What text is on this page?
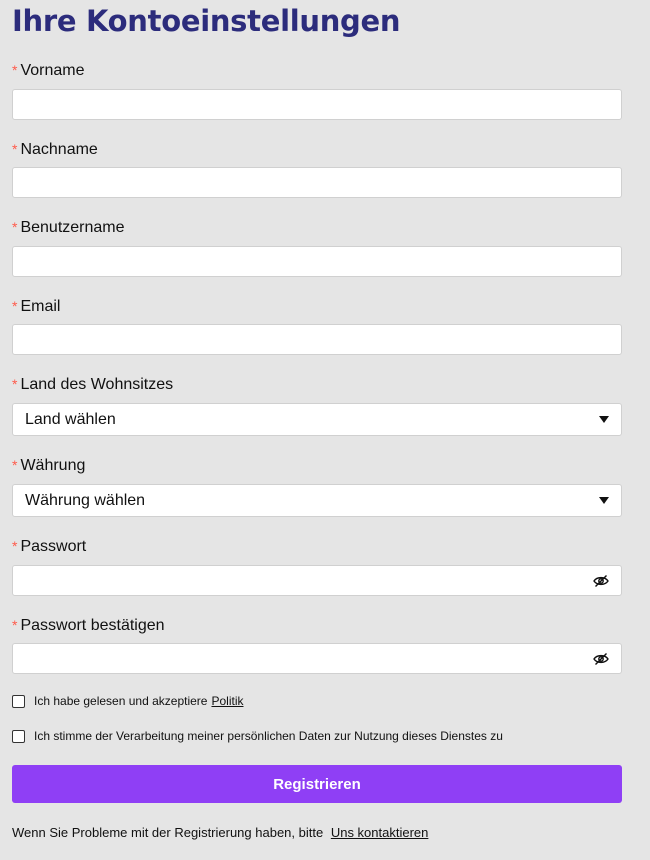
Ihre Kontoeinstellungen
* Vorname
* Nachname
* Benutzername
* Email
* Land des Wohnsitzes
Land wählen
* Währung
Währung wählen
* Passwort
* Passwort bestätigen
Ich habe gelesen und akzeptiere Politik
Ich stimme der Verarbeitung meiner persönlichen Daten zur Nutzung dieses Dienstes zu
Registrieren
Wenn Sie Probleme mit der Registrierung haben, bitte Uns kontaktieren
